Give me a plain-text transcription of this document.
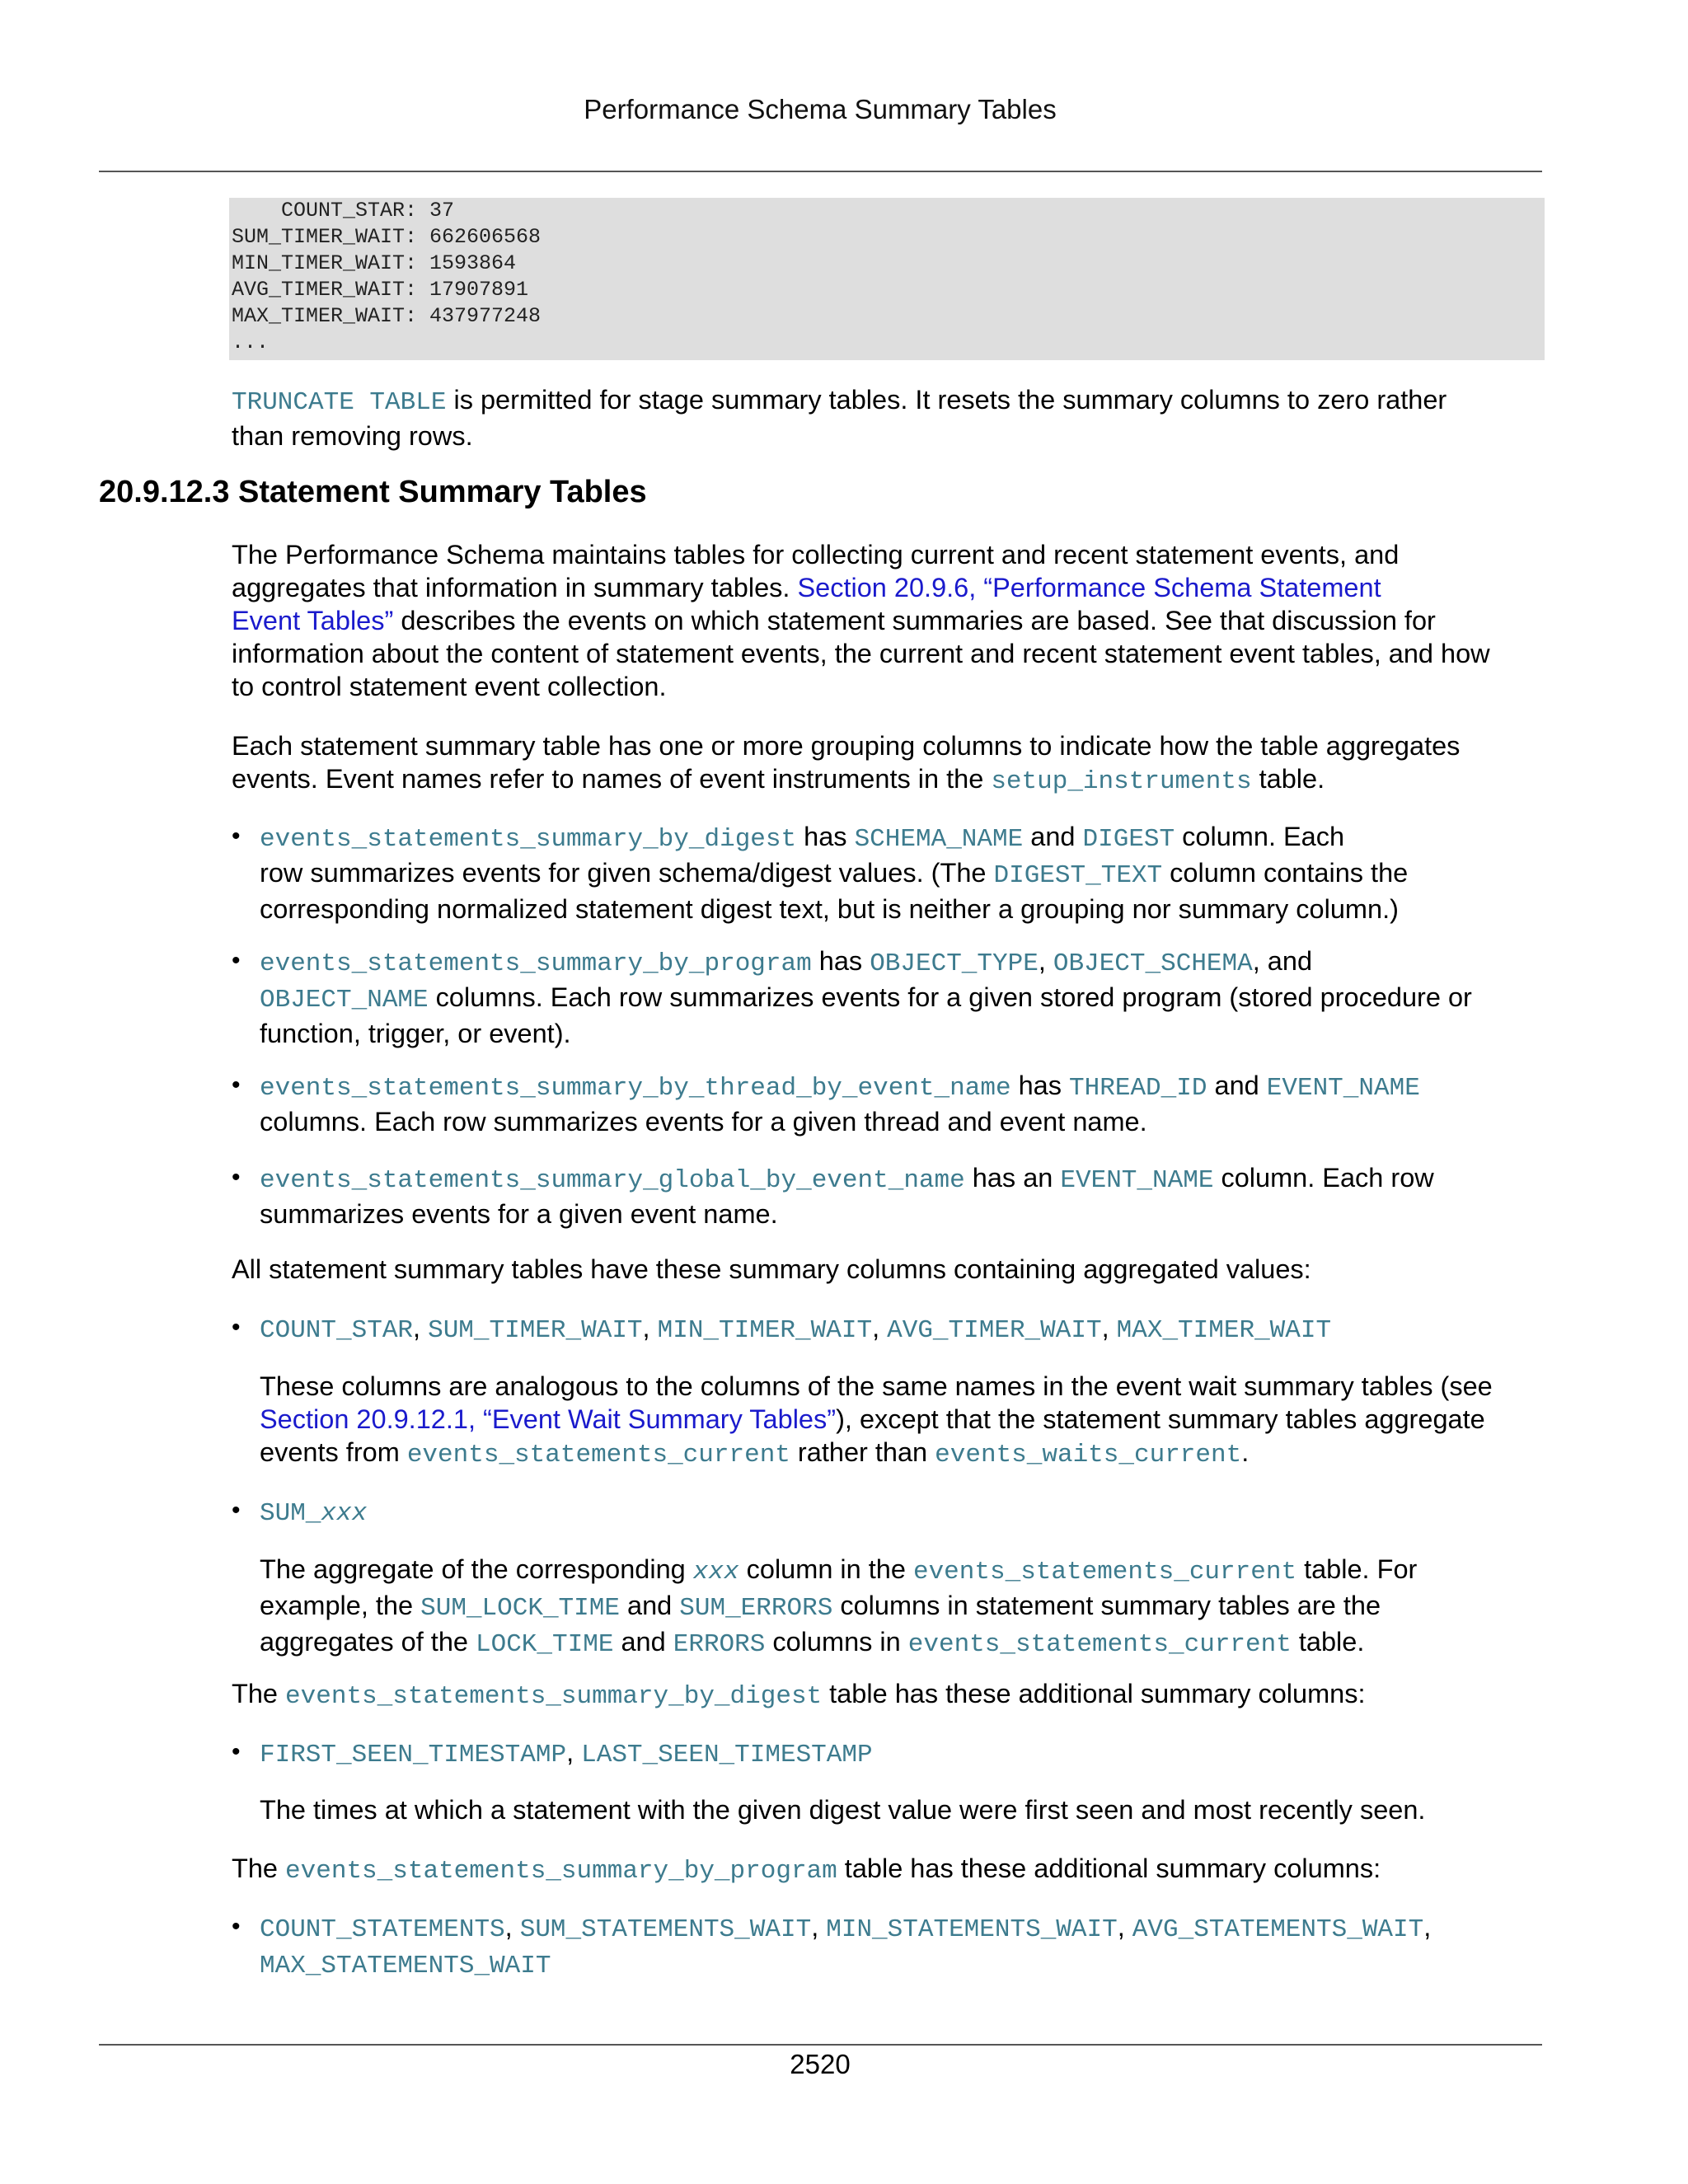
Performance Schema Summary Tables
COUNT_STAR: 37
SUM_TIMER_WAIT: 662606568
MIN_TIMER_WAIT: 1593864
AVG_TIMER_WAIT: 17907891
MAX_TIMER_WAIT: 437977248
...
TRUNCATE TABLE is permitted for stage summary tables. It resets the summary columns to zero rather
than removing rows.
20.9.12.3 Statement Summary Tables
The Performance Schema maintains tables for collecting current and recent statement events, and
aggregates that information in summary tables. Section 20.9.6, “Performance Schema Statement
Event Tables” describes the events on which statement summaries are based. See that discussion for
information about the content of statement events, the current and recent statement event tables, and how
to control statement event collection.
Each statement summary table has one or more grouping columns to indicate how the table aggregates
events. Event names refer to names of event instruments in the setup_instruments table.
• events_statements_summary_by_digest has SCHEMA_NAME and DIGEST column. Each
row summarizes events for given schema/digest values. (The DIGEST_TEXT column contains the
corresponding normalized statement digest text, but is neither a grouping nor summary column.)
• events_statements_summary_by_program has OBJECT_TYPE, OBJECT_SCHEMA, and
OBJECT_NAME columns. Each row summarizes events for a given stored program (stored procedure or
function, trigger, or event).
• events_statements_summary_by_thread_by_event_name has THREAD_ID and EVENT_NAME
columns. Each row summarizes events for a given thread and event name.
• events_statements_summary_global_by_event_name has an EVENT_NAME column. Each row
summarizes events for a given event name.
All statement summary tables have these summary columns containing aggregated values:
• COUNT_STAR, SUM_TIMER_WAIT, MIN_TIMER_WAIT, AVG_TIMER_WAIT, MAX_TIMER_WAIT
These columns are analogous to the columns of the same names in the event wait summary tables (see
Section 20.9.12.1, “Event Wait Summary Tables”), except that the statement summary tables aggregate
events from events_statements_current rather than events_waits_current.
• SUM_xxx
The aggregate of the corresponding xxx column in the events_statements_current table. For
example, the SUM_LOCK_TIME and SUM_ERRORS columns in statement summary tables are the
aggregates of the LOCK_TIME and ERRORS columns in events_statements_current table.
The events_statements_summary_by_digest table has these additional summary columns:
• FIRST_SEEN_TIMESTAMP, LAST_SEEN_TIMESTAMP
The times at which a statement with the given digest value were first seen and most recently seen.
The events_statements_summary_by_program table has these additional summary columns:
• COUNT_STATEMENTS, SUM_STATEMENTS_WAIT, MIN_STATEMENTS_WAIT, AVG_STATEMENTS_WAIT,
MAX_STATEMENTS_WAIT
2520
